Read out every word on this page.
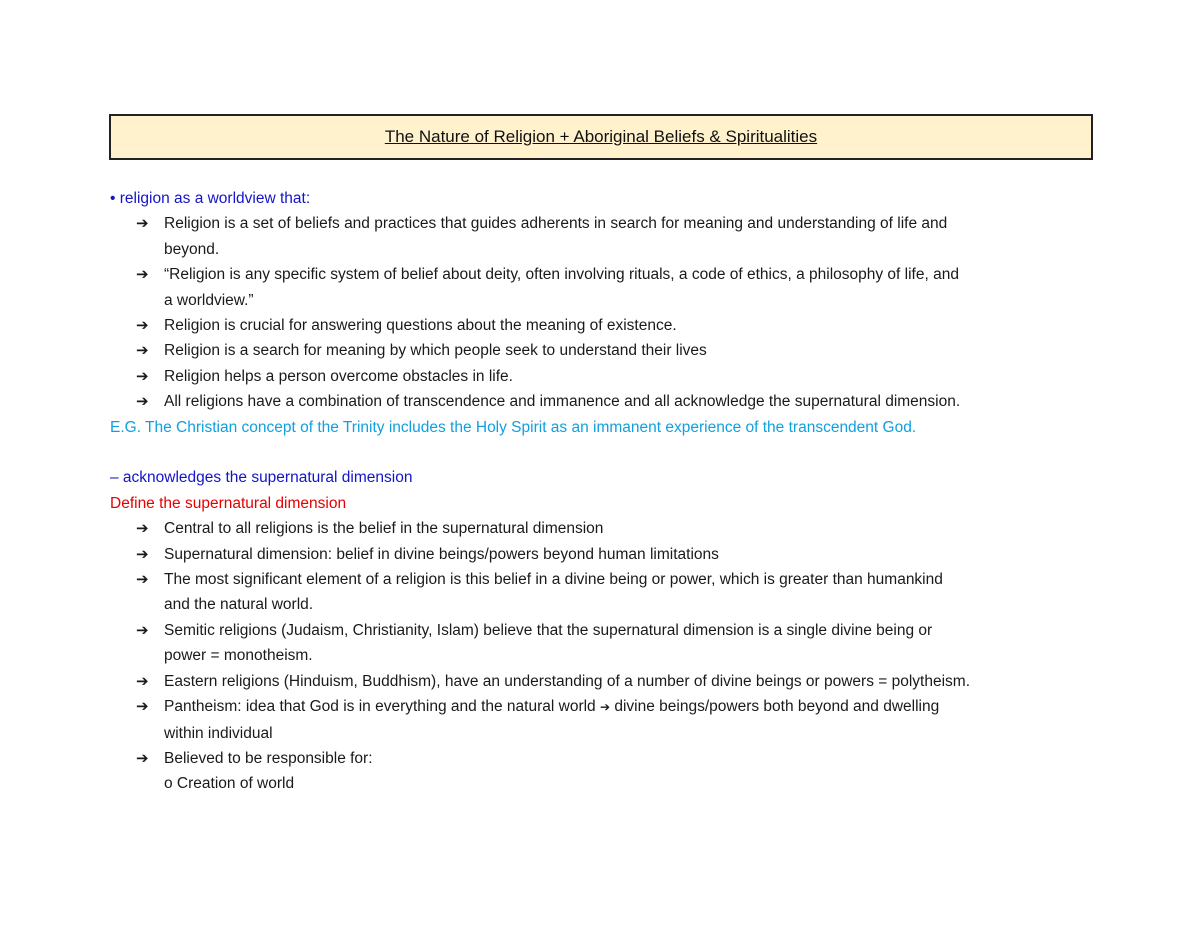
The Nature of Religion + Aboriginal Beliefs & Spiritualities
• religion as a worldview that:
➔ Religion is a set of beliefs and practices that guides adherents in search for meaning and understanding of life and
beyond.
➔ “Religion is any specific system of belief about deity, often involving rituals, a code of ethics, a philosophy of life, and
a worldview.”
➔ Religion is crucial for answering questions about the meaning of existence.
➔ Religion is a search for meaning by which people seek to understand their lives
➔ Religion helps a person overcome obstacles in life.
➔ All religions have a combination of transcendence and immanence and all acknowledge the supernatural dimension.
E.G. The Christian concept of the Trinity includes the Holy Spirit as an immanent experience of the transcendent God.
– acknowledges the supernatural dimension
Define the supernatural dimension
➔ Central to all religions is the belief in the supernatural dimension
➔ Supernatural dimension: belief in divine beings/powers beyond human limitations
➔ The most significant element of a religion is this belief in a divine being or power, which is greater than humankind
and the natural world.
➔ Semitic religions (Judaism, Christianity, Islam) believe that the supernatural dimension is a single divine being or
power = monotheism.
➔ Eastern religions (Hinduism, Buddhism), have an understanding of a number of divine beings or powers = polytheism.
➔ Pantheism: idea that God is in everything and the natural world ➔ divine beings/powers both beyond and dwelling
within individual
➔ Believed to be responsible for:
o Creation of world
